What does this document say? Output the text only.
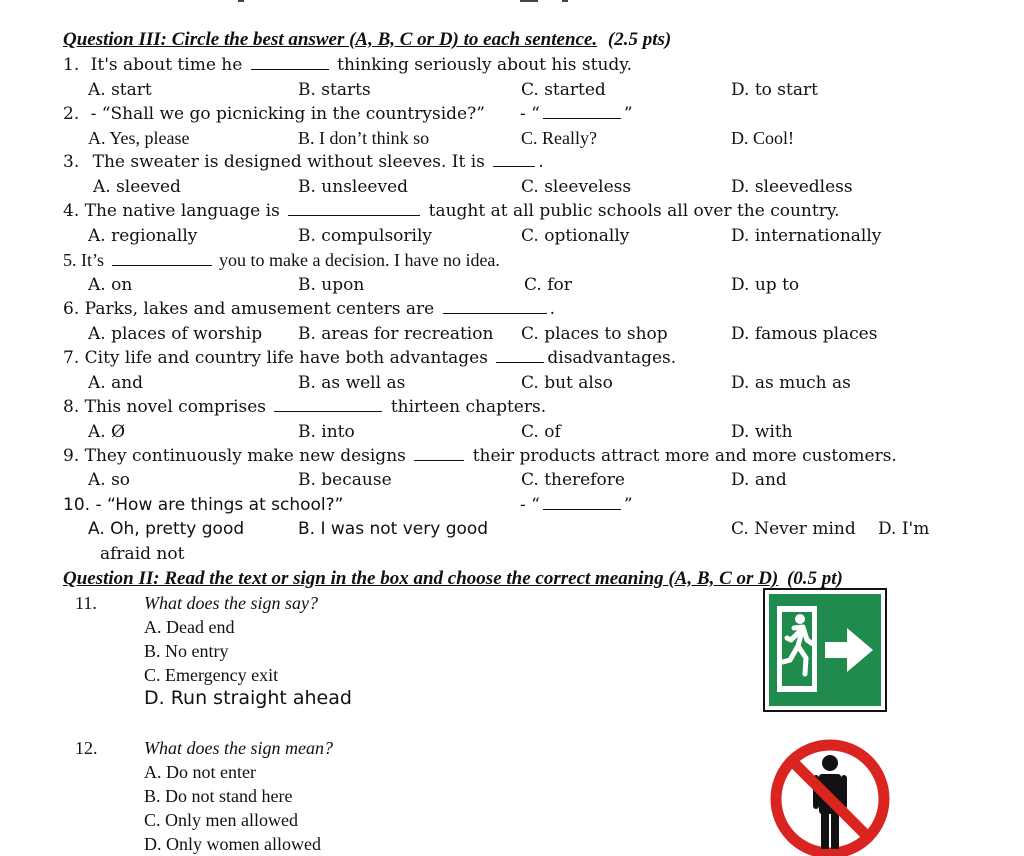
Question III: Circle the best answer (A, B, C or D) to each sentence. (2.5 pts)
1. It's about time he	thinking seriously about his study.
A. start	B. starts	C. started	D. to start
2. - “Shall we go picnicking in the countryside?” - “	”
A. Yes, please	B. I don’t think so	C. Really?	D. Cool!
3. The sweater is designed without sleeves. It is	.
A. sleeved	B. unsleeved	C. sleeveless	D. sleevedless
4. The native language is	taught at all public schools all over the country.
A. regionally	B. compulsorily	C. optionally	D. internationally
5. It’s	you to make a decision. I have no idea.
A. on	B. upon	C. for	D. up to
6. Parks, lakes and amusement centers are	.
A. places of worship B. areas for recreation C. places to shop	D. famous places
7. City life and country life have both advantages	disadvantages.
A. and	B. as well as	C. but also	D. as much as
8. This novel comprises	thirteen chapters.
A. Ø	B. into	C. of	D. with
9. They continuously make new designs	their products attract more and more customers.
A. so	B. because	C. therefore	D. and
10. - “How are things at school?”	- “	”
A. Oh, pretty good	B. I was not very good	C. Never mind D. I'm
afraid not
Question II: Read the text or sign in the box and choose the correct meaning (A, B, C or D) (0.5 pt)
11.	What does the sign say?
A. Dead end
B. No entry
C. Emergency exit
D. Run straight ahead
12.	What does the sign mean?
A. Do not enter
B. Do not stand here
C. Only men allowed
D. Only women allowed
